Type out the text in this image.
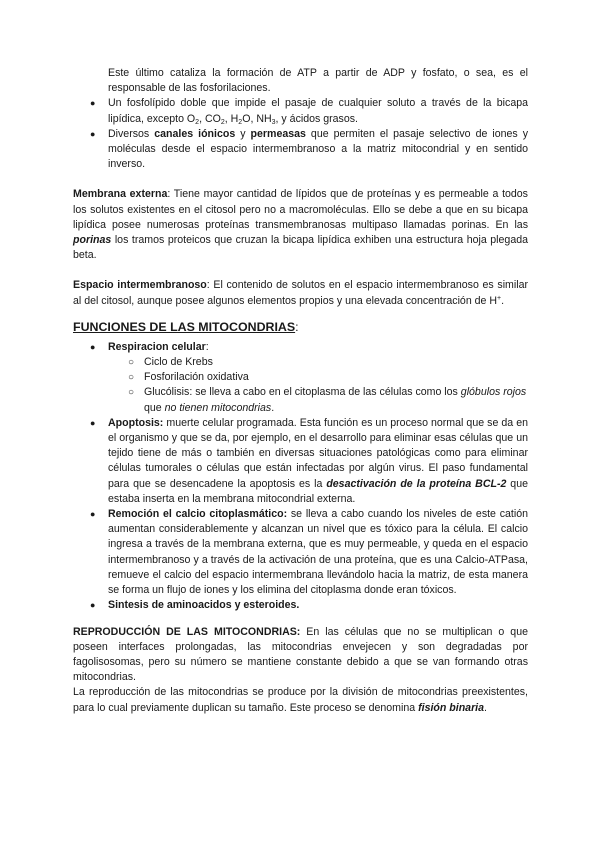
Este último cataliza la formación de ATP a partir de ADP y fosfato, o sea, es el responsable de las fosforilaciones.

● Un fosfolípido doble que impide el pasaje de cualquier soluto a través de la bicapa lipídica, excepto $O_2$, $CO_2$, $H_2O$, $NH_3$, y ácidos grasos.
● Diversos canales iónicos y permeasas que permiten el pasaje selectivo de iones y moléculas desde el espacio intermembranoso a la matriz mitocondrial y en sentido inverso.

Membrana externa: Tiene mayor cantidad de lípidos que de proteínas y es permeable a todos los solutos existentes en el citosol pero no a macromoléculas. Ello se debe a que en su bicapa lipídica posee numerosas proteínas transmembranosas multipaso llamadas porinas. En las porinas los tramos proteicos que cruzan la bicapa lipídica exhiben una estructura hoja plegada beta.

Espacio intermembranoso: El contenido de solutos en el espacio intermembranoso es similar al del citosol, aunque posee algunos elementos propios y una elevada concentración de H+.

FUNCIONES DE LAS MITOCONDRIAS:
● Respiracion celular:
○ Ciclo de Krebs
○ Fosforilación oxidativa
○ Glucólisis: se lleva a cabo en el citoplasma de las células como los glóbulos rojos que no tienen mitocondrias.
● Apoptosis: muerte celular programada. Esta función es un proceso normal que se da en el organismo y que se da, por ejemplo, en el desarrollo para eliminar esas células que un tejido tiene de más o también en diversas situaciones patológicas como para eliminar células tumorales o células que están infectadas por algún virus. El paso fundamental para que se desencadene la apoptosis es la desactivación de la proteína BCL-2 que estaba inserta en la membrana mitocondrial externa.
● Remoción el calcio citoplasmático: se lleva a cabo cuando los niveles de este catión aumentan considerablemente y alcanzan un nivel que es tóxico para la célula. El calcio ingresa a través de la membrana externa, que es muy permeable, y queda en el espacio intermembranoso y a través de la activación de una proteína, que es una Calcio-ATPasa, remueve el calcio del espacio intermembrana llevándolo hacia la matriz, de esta manera se forma un flujo de iones y los elimina del citoplasma donde eran tóxicos.
● Sintesis de aminoacidos y esteroides.

REPRODUCCIÓN DE LAS MITOCONDRIAS: En las células que no se multiplican o que poseen interfaces prolongadas, las mitocondrias envejecen y son degradadas por fagolisosomas, pero su número se mantiene constante debido a que se van formando otras mitocondrias.

La reproducción de las mitocondrias se produce por la división de mitocondrias preexistentes, para lo cual previamente duplican su tamaño. Este proceso se denomina fisión binaria.
